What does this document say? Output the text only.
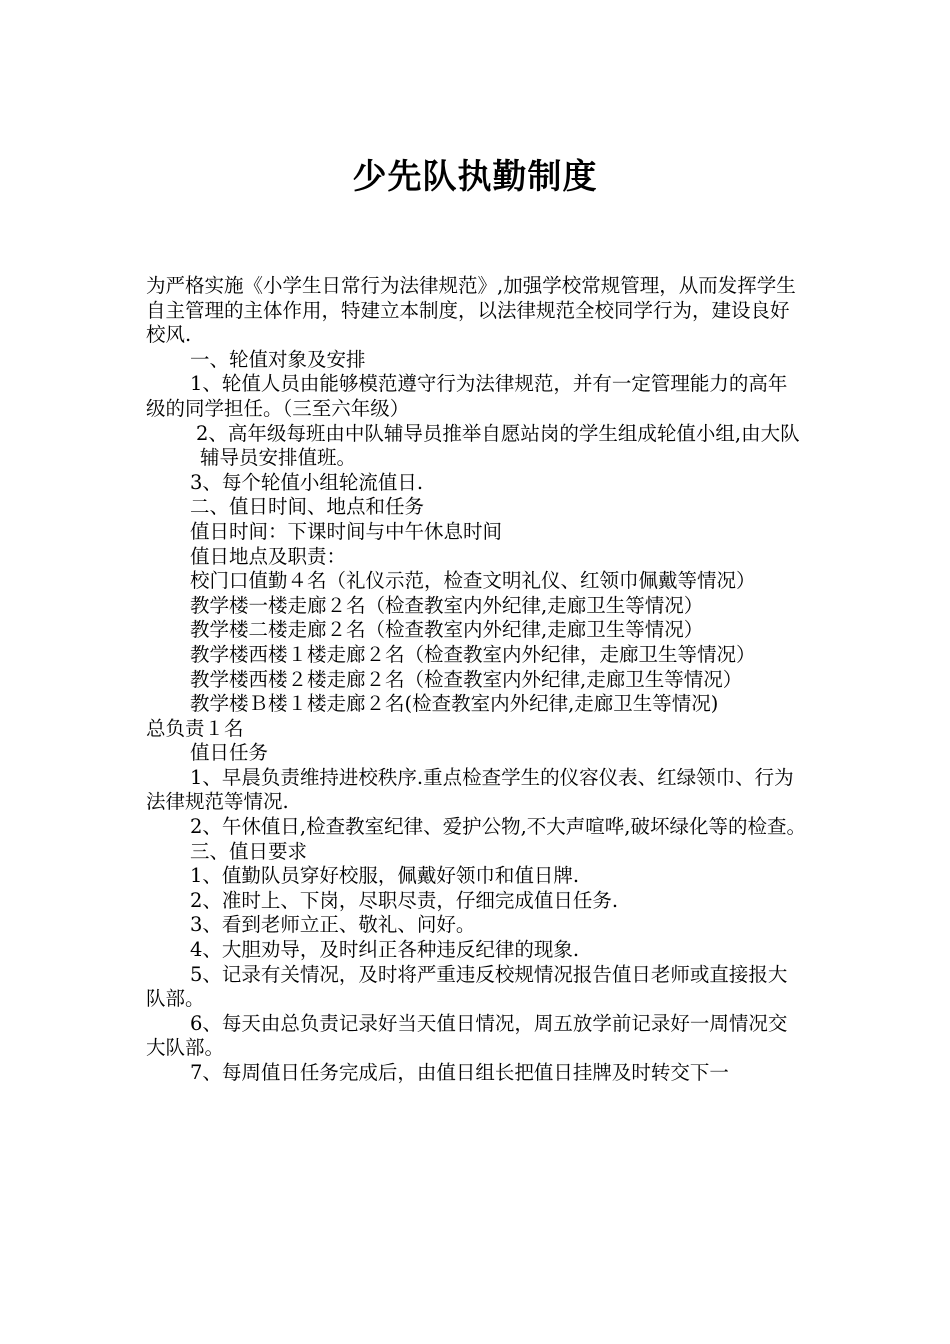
少先队执勤制度

为严格实施《小学生日常行为法律规范》,加强学校常规管理，从而发挥学生自主管理的主体作用，特建立本制度，以法律规范全校同学行为，建设良好校风.

一、轮值对象及安排

1、轮值人员由能够模范遵守行为法律规范，并有一定管理能力的高年级的同学担任。（三至六年级）

2、高年级每班由中队辅导员推举自愿站岗的学生组成轮值小组,由大队辅导员安排值班。

3、每个轮值小组轮流值日.

二、值日时间、地点和任务

值日时间：下课时间与中午休息时间

值日地点及职责：

校门口值勤４名（礼仪示范，检查文明礼仪、红领巾佩戴等情况）

教学楼一楼走廊２名（检查教室内外纪律,走廊卫生等情况）

教学楼二楼走廊２名（检查教室内外纪律,走廊卫生等情况）

教学楼西楼１楼走廊２名（检查教室内外纪律，走廊卫生等情况）

教学楼西楼２楼走廊２名（检查教室内外纪律,走廊卫生等情况）

教学楼Ｂ楼１楼走廊２名(检查教室内外纪律,走廊卫生等情况)

总负责１名

值日任务

1、早晨负责维持进校秩序.重点检查学生的仪容仪表、红绿领巾、行为法律规范等情况.

2、午休值日,检查教室纪律、爱护公物,不大声喧哗,破坏绿化等的检查。

三、值日要求

1、值勤队员穿好校服，佩戴好领巾和值日牌.

2、准时上、下岗，尽职尽责，仔细完成值日任务.

3、看到老师立正、敬礼、问好。

4、大胆劝导，及时纠正各种违反纪律的现象.

5、记录有关情况，及时将严重违反校规情况报告值日老师或直接报大队部。

6、每天由总负责记录好当天值日情况，周五放学前记录好一周情况交大队部。

7、每周值日任务完成后，由值日组长把值日挂牌及时转交下一
